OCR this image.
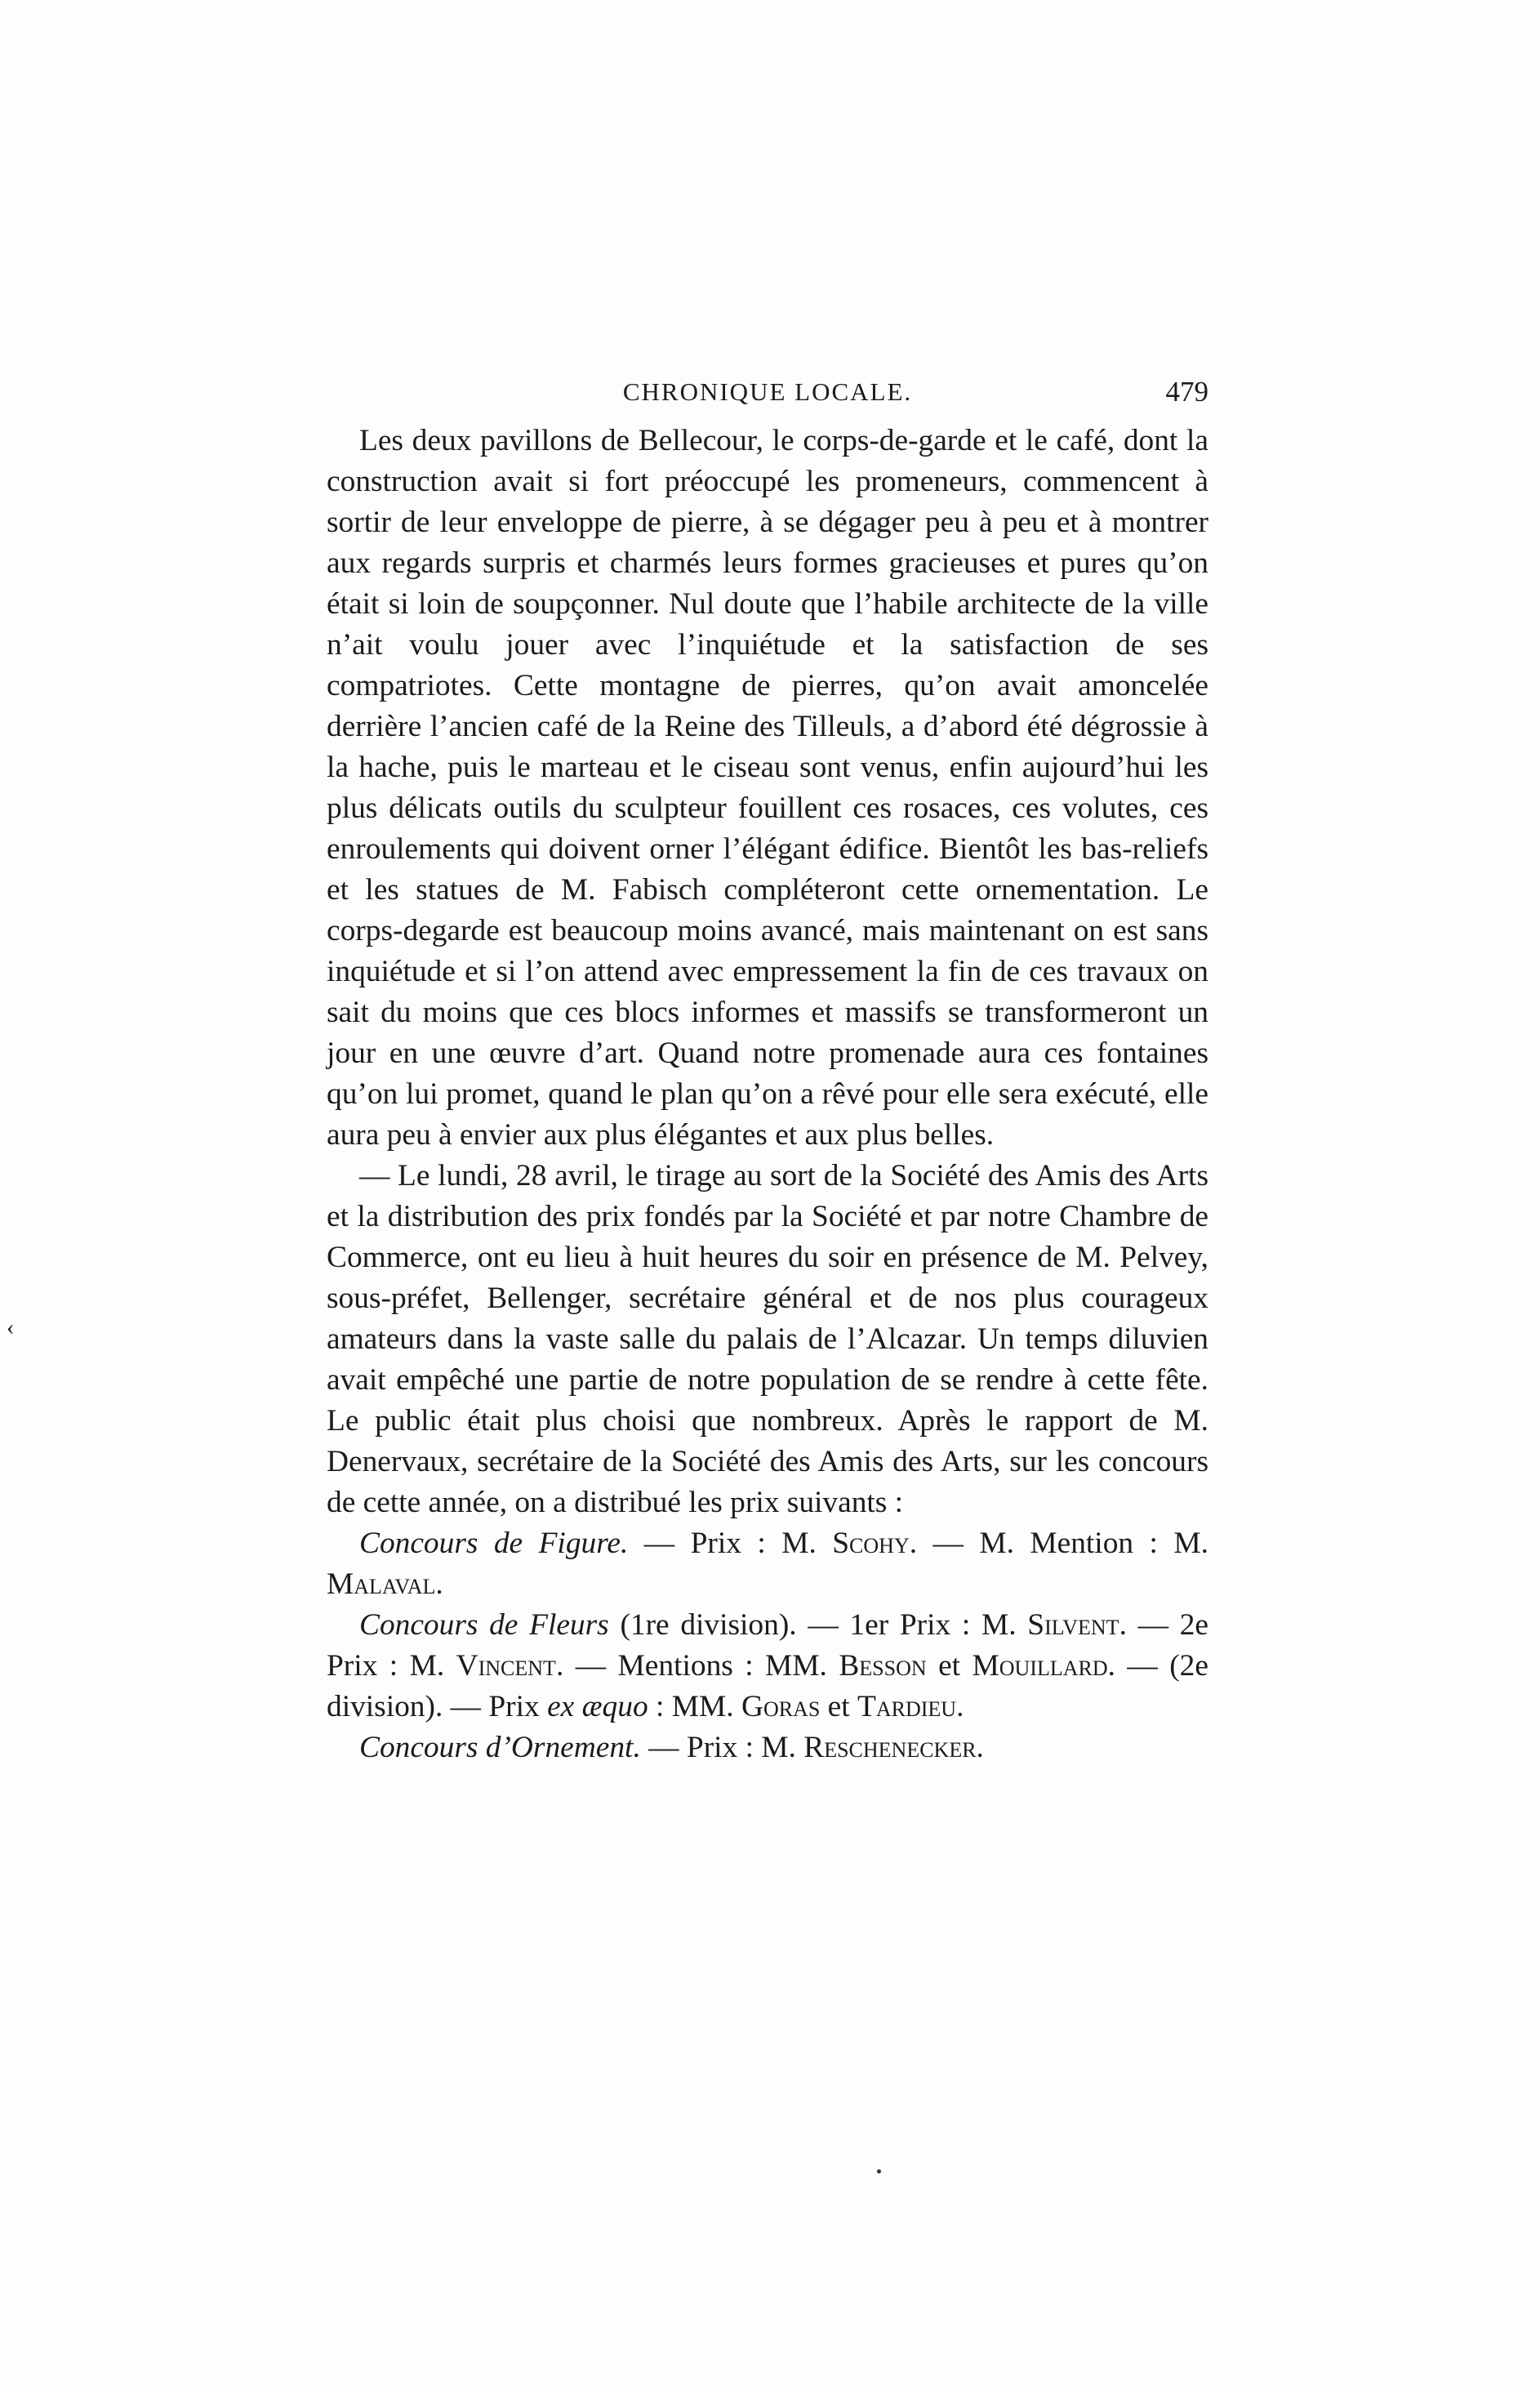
CHRONIQUE LOCALE.	479

Les deux pavillons de Bellecour, le corps-de-garde et le café, dont la construction avait si fort préoccupé les promeneurs, commencent à sortir de leur enveloppe de pierre, à se dégager peu à peu et à montrer aux regards surpris et charmés leurs formes gracieuses et pures qu’on était si loin de soupçonner. Nul doute que l’habile architecte de la ville n’ait voulu jouer avec l’inquiétude et la satisfaction de ses compatriotes. Cette montagne de pierres, qu’on avait amoncelée derrière l’ancien café de la Reine des Tilleuls, a d’abord été dégrossie à la hache, puis le marteau et le ciseau sont venus, enfin aujourd’hui les plus délicats outils du sculpteur fouillent ces rosaces, ces volutes, ces enroulements qui doivent orner l’élégant édifice. Bientôt les bas-reliefs et les statues de M. Fabisch compléteront cette ornementation. Le corps-degarde est beaucoup moins avancé, mais maintenant on est sans inquiétude et si l’on attend avec empressement la fin de ces travaux on sait du moins que ces blocs informes et massifs se transformeront un jour en une œuvre d’art. Quand notre promenade aura ces fontaines qu’on lui promet, quand le plan qu’on a rêvé pour elle sera exécuté, elle aura peu à envier aux plus élégantes et aux plus belles.

— Le lundi, 28 avril, le tirage au sort de la Société des Amis des Arts et la distribution des prix fondés par la Société et par notre Chambre de Commerce, ont eu lieu à huit heures du soir en présence de M. Pelvey, sous-préfet, Bellenger, secrétaire général et de nos plus courageux amateurs dans la vaste salle du palais de l’Alcazar. Un temps diluvien avait empêché une partie de notre population de se rendre à cette fête. Le public était plus choisi que nombreux. Après le rapport de M. Denervaux, secrétaire de la Société des Amis des Arts, sur les concours de cette année, on a distribué les prix suivants :

Concours de Figure. — Prix : M. Scohy. — M. Mention : M. Malaval.

Concours de Fleurs (1re division). — 1er Prix : M. Silvent. — 2e Prix : M. Vincent. — Mentions : MM. Besson et Mouillard. — (2e division). — Prix ex æquo : MM. Goras et Tardieu.

Concours d’Ornement. — Prix : M. Reschenecker.

‹
